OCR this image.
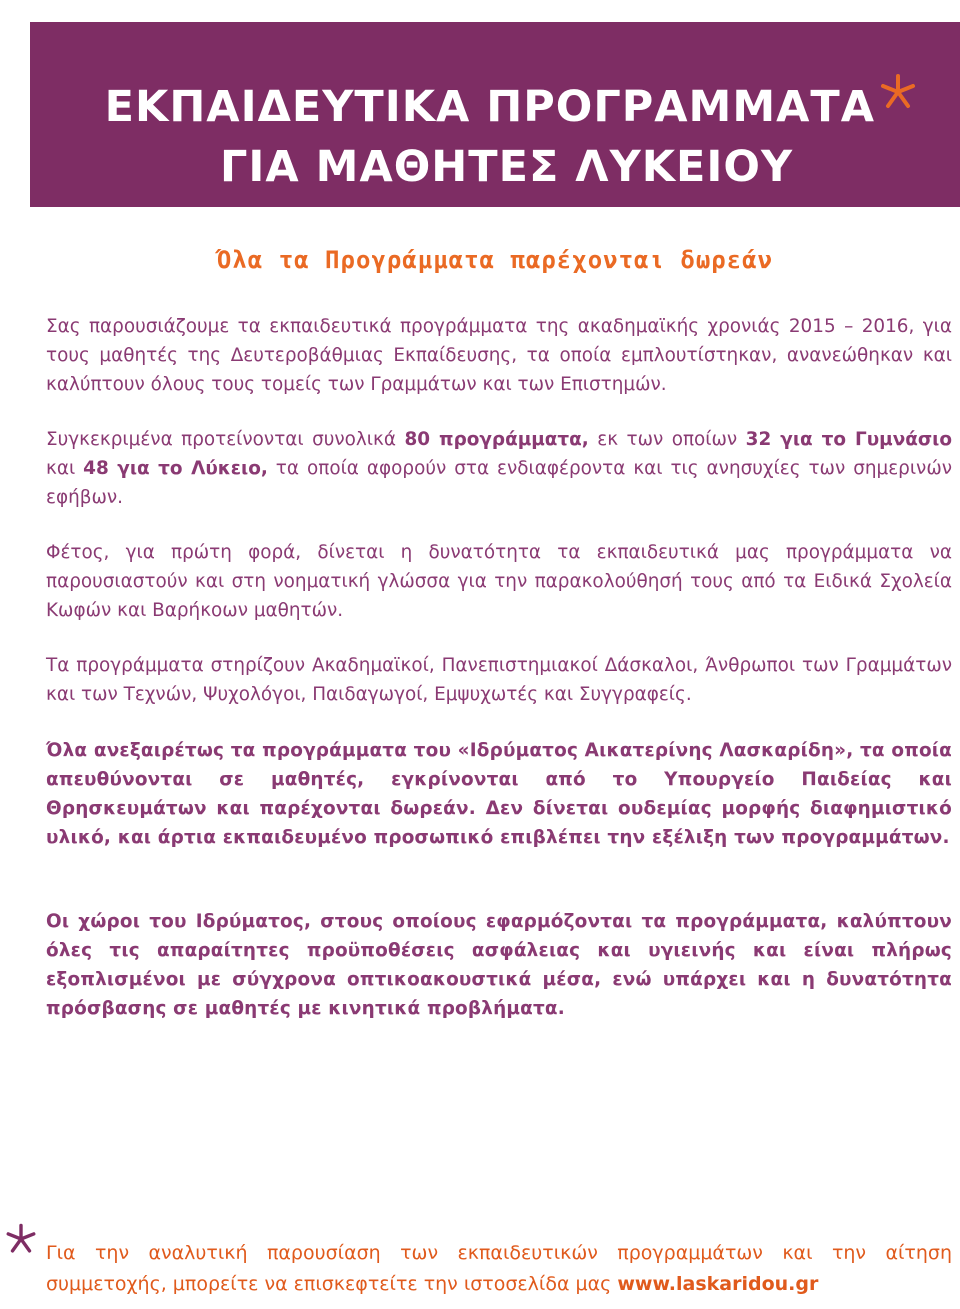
ΕΚΠΑΙΔΕΥΤΙΚΑ ΠΡΟΓΡΑΜΜΑΤΑ
ΓΙΑ ΜΑΘΗΤΕΣ ΛΥΚΕΙΟΥ
Όλα τα Προγράμματα παρέχονται δωρεάν

Σας παρουσιάζουμε τα εκπαιδευτικά προγράμματα της ακαδημαϊκής χρονιάς 2015 – 2016, για τους μαθητές της Δευτεροβάθμιας Εκπαίδευσης, τα οποία εμπλουτίστηκαν, ανανεώθηκαν και καλύπτουν όλους τους τομείς των Γραμμάτων και των Επιστημών.

Συγκεκριμένα προτείνονται συνολικά 80 προγράμματα, εκ των οποίων 32 για το Γυμνάσιο και 48 για το Λύκειο, τα οποία αφορούν στα ενδιαφέροντα και τις ανησυχίες των σημερινών εφήβων.

Φέτος, για πρώτη φορά, δίνεται η δυνατότητα τα εκπαιδευτικά μας προγράμματα να παρουσιαστούν και στη νοηματική γλώσσα για την παρακολούθησή τους από τα Ειδικά Σχολεία Κωφών και Βαρήκοων μαθητών.

Τα προγράμματα στηρίζουν Ακαδημαϊκοί, Πανεπιστημιακοί Δάσκαλοι, Άνθρωποι των Γραμμάτων και των Τεχνών, Ψυχολόγοι, Παιδαγωγοί, Εμψυχωτές και Συγγραφείς.

Όλα ανεξαιρέτως τα προγράμματα του «Ιδρύματος Αικατερίνης Λασκαρίδη», τα οποία απευθύνονται σε μαθητές, εγκρίνονται από το Υπουργείο Παιδείας και Θρησκευμάτων και παρέχονται δωρεάν. Δεν δίνεται ουδεμίας μορφής διαφημιστικό υλικό, και άρτια εκπαιδευμένο προσωπικό επιβλέπει την εξέλιξη των προγραμμάτων.

Οι χώροι του Ιδρύματος, στους οποίους εφαρμόζονται τα προγράμματα, καλύπτουν όλες τις απαραίτητες προϋποθέσεις ασφάλειας και υγιεινής και είναι πλήρως εξοπλισμένοι με σύγχρονα οπτικοακουστικά μέσα, ενώ υπάρχει και η δυνατότητα πρόσβασης σε μαθητές με κινητικά προβλήματα.

Για την αναλυτική παρουσίαση των εκπαιδευτικών προγραμμάτων και την αίτηση συμμετοχής, μπορείτε να επισκεφτείτε την ιστοσελίδα μας www.laskaridou.gr
